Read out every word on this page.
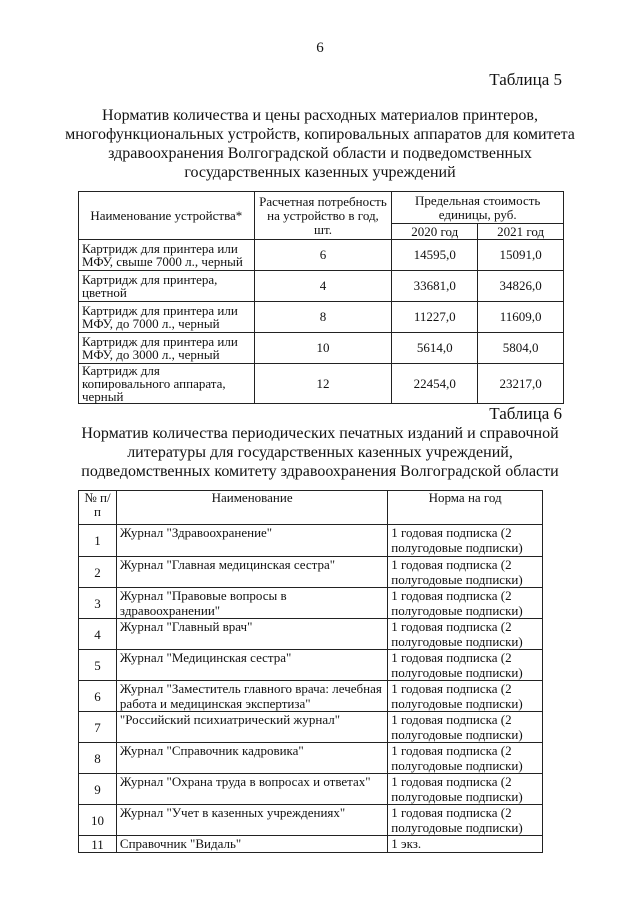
6
Таблица 5
Норматив количества и цены расходных материалов принтеров,
многофункциональных устройств, копировальных аппаратов для комитета
здравоохранения Волгоградской области и подведомственных
государственных казенных учреждений
Наименование устройства*	Расчетная потребность на устройство в год, шт.	Предельная стоимость единицы, руб.	
		2020 год	2021 год
Картридж для принтера или МФУ, свыше 7000 л., черный	6	14595,0	15091,0
Картридж для принтера, цветной	4	33681,0	34826,0
Картридж для принтера или МФУ, до 7000 л., черный	8	11227,0	11609,0
Картридж для принтера или МФУ, до 3000 л., черный	10	5614,0	5804,0
Картридж для копировального аппарата, черный	12	22454,0	23217,0
Таблица 6
Норматив количества периодических печатных изданий и справочной
литературы для государственных казенных учреждений,
подведомственных комитету здравоохранения Волгоградской области
№ п/п	Наименование	Норма на год
1	Журнал "Здравоохранение"	1 годовая подписка (2 полугодовые подписки)
2	Журнал "Главная медицинская сестра"	1 годовая подписка (2 полугодовые подписки)
3	Журнал "Правовые вопросы в здравоохранении"	1 годовая подписка (2 полугодовые подписки)
4	Журнал "Главный врач"	1 годовая подписка (2 полугодовые подписки)
5	Журнал "Медицинская сестра"	1 годовая подписка (2 полугодовые подписки)
6	Журнал "Заместитель главного врача: лечебная работа и медицинская экспертиза"	1 годовая подписка (2 полугодовые подписки)
7	"Российский психиатрический журнал"	1 годовая подписка (2 полугодовые подписки)
8	Журнал "Справочник кадровика"	1 годовая подписка (2 полугодовые подписки)
9	Журнал "Охрана труда в вопросах и ответах"	1 годовая подписка (2 полугодовые подписки)
10	Журнал "Учет в казенных учреждениях"	1 годовая подписка (2 полугодовые подписки)
11	Справочник "Видаль"	1 экз.
